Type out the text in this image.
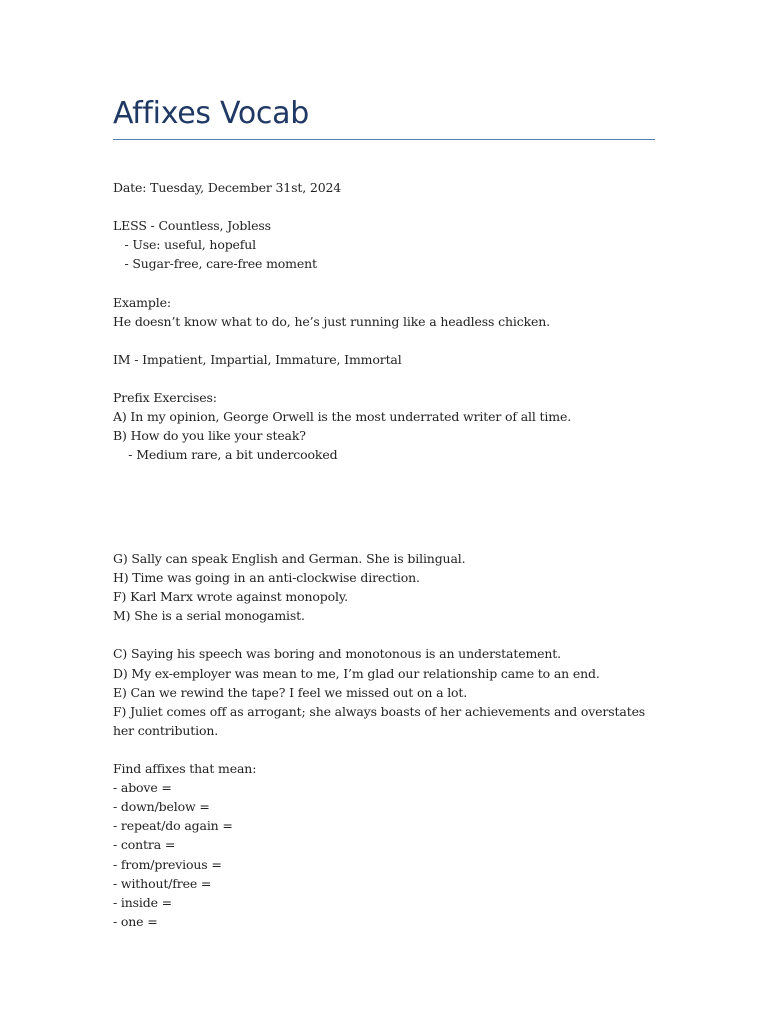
Affixes Vocab
Date: Tuesday, December 31st, 2024
LESS - Countless, Jobless
- Use: useful, hopeful
- Sugar-free, care-free moment
Example:
He doesn’t know what to do, he’s just running like a headless chicken.
IM - Impatient, Impartial, Immature, Immortal
Prefix Exercises:
A) In my opinion, George Orwell is the most underrated writer of all time.
B) How do you like your steak?
- Medium rare, a bit undercooked
G) Sally can speak English and German. She is bilingual.
H) Time was going in an anti-clockwise direction.
F) Karl Marx wrote against monopoly.
M) She is a serial monogamist.
C) Saying his speech was boring and monotonous is an understatement.
D) My ex-employer was mean to me, I’m glad our relationship came to an end.
E) Can we rewind the tape? I feel we missed out on a lot.
F) Juliet comes off as arrogant; she always boasts of her achievements and overstates her contribution.
Find affixes that mean:
- above =
- down/below =
- repeat/do again =
- contra =
- from/previous =
- without/free =
- inside =
- one =
